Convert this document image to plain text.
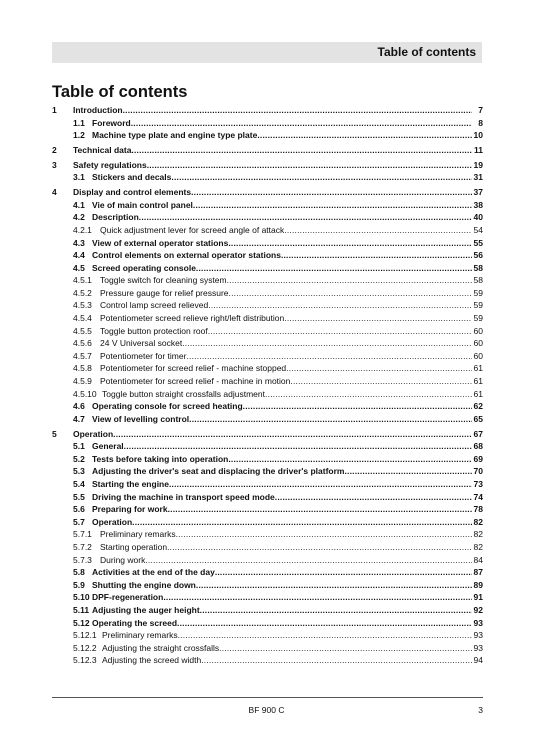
Table of contents
Table of contents
1 Introduction .....	7
1.1 Foreword .....	8
1.2 Machine type plate and engine type plate .....	10
2 Technical data .....	11
3 Safety regulations .....	19
3.1 Stickers and decals .....	31
4 Display and control elements .....	37
4.1 Vie of main control panel .....	38
4.2 Description .....	40
4.2.1 Quick adjustment lever for screed angle of attack .....	54
4.3 View of external operator stations .....	55
4.4 Control elements on external operator stations .....	56
4.5 Screed operating console .....	58
4.5.1 Toggle switch for cleaning system .....	58
4.5.2 Pressure gauge for relief pressure .....	59
4.5.3 Control lamp screed relieved .....	59
4.5.4 Potentiometer screed relieve right/left distribution .....	59
4.5.5 Toggle button protection roof .....	60
4.5.6 24 V Universal socket .....	60
4.5.7 Potentiometer for timer .....	60
4.5.8 Potentiometer for screed relief - machine stopped .....	61
4.5.9 Potentiometer for screed relief - machine in motion .....	61
4.5.10 Toggle button straight crossfalls adjustment .....	61
4.6 Operating console for screed heating .....	62
4.7 View of levelling control .....	65
5 Operation .....	67
5.1 General .....	68
5.2 Tests before taking into operation .....	69
5.3 Adjusting the driver's seat and displacing the driver's platform .....	70
5.4 Starting the engine .....	73
5.5 Driving the machine in transport speed mode .....	74
5.6 Preparing for work .....	78
5.7 Operation .....	82
5.7.1 Preliminary remarks .....	82
5.7.2 Starting operation .....	82
5.7.3 During work .....	84
5.8 Activities at the end of the day .....	87
5.9 Shutting the engine down .....	89
5.10 DPF-regeneration .....	91
5.11 Adjusting the auger height .....	92
5.12 Operating the screed .....	93
5.12.1 Preliminary remarks .....	93
5.12.2 Adjusting the straight crossfalls .....	93
5.12.3 Adjusting the screed width .....	94
BF 900 C	3
